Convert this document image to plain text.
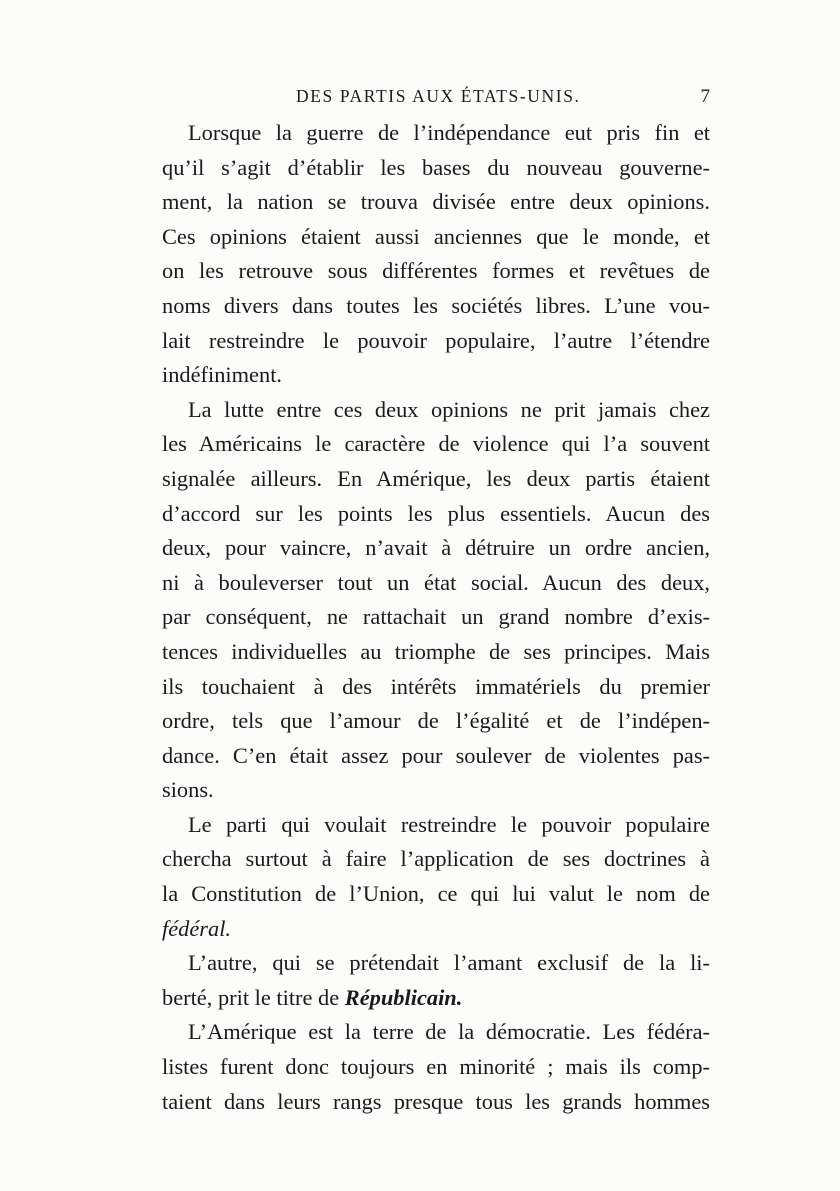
DES PARTIS AUX ÉTATS-UNIS.	7
Lorsque la guerre de l’indépendance eut pris fin et
qu’il s’agit d’établir les bases du nouveau gouverne-
ment, la nation se trouva divisée entre deux opinions.
Ces opinions étaient aussi anciennes que le monde, et
on les retrouve sous différentes formes et revêtues de
noms divers dans toutes les sociétés libres. L’une vou-
lait restreindre le pouvoir populaire, l’autre l’étendre
indéfiniment.
La lutte entre ces deux opinions ne prit jamais chez
les Américains le caractère de violence qui l’a souvent
signalée ailleurs. En Amérique, les deux partis étaient
d’accord sur les points les plus essentiels. Aucun des
deux, pour vaincre, n’avait à détruire un ordre ancien,
ni à bouleverser tout un état social. Aucun des deux,
par conséquent, ne rattachait un grand nombre d’exis-
tences individuelles au triomphe de ses principes. Mais
ils touchaient à des intérêts immatériels du premier
ordre, tels que l’amour de l’égalité et de l’indépen-
dance. C’en était assez pour soulever de violentes pas-
sions.
Le parti qui voulait restreindre le pouvoir populaire
chercha surtout à faire l’application de ses doctrines à
la Constitution de l’Union, ce qui lui valut le nom de
fédéral.
L’autre, qui se prétendait l’amant exclusif de la li-
berté, prit le titre de Républicain.
L’Amérique est la terre de la démocratie. Les fédéra-
listes furent donc toujours en minorité ; mais ils comp-
taient dans leurs rangs presque tous les grands hommes
